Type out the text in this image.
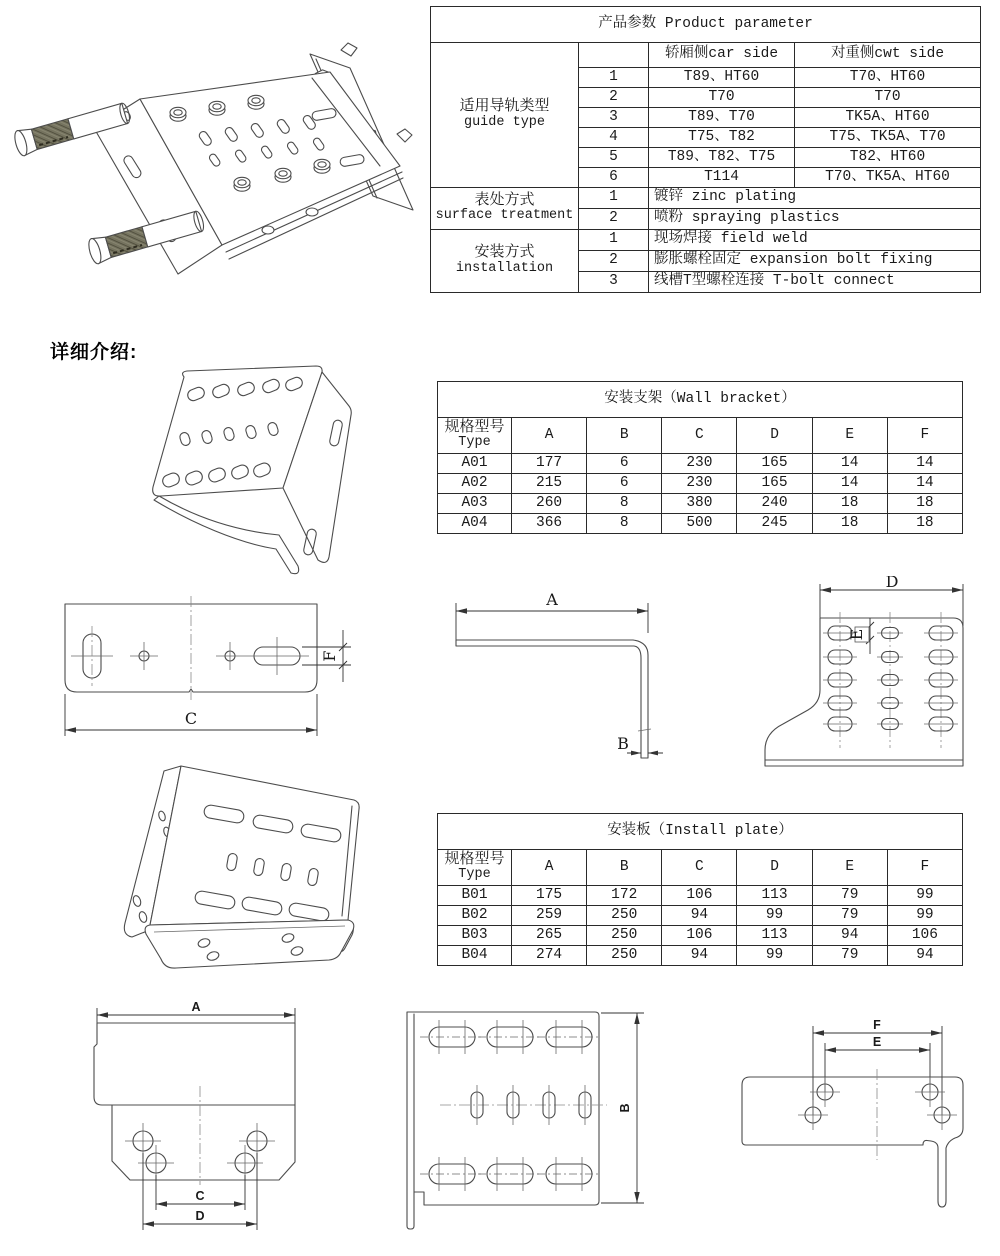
产品参数 Product parameter			

适用导轨类型
guide type		轿厢侧car side	对重侧cwt side
	1	T89、HT60	T70、HT60
	2	T70	T70
	3	T89、T70	TK5A、HT60
	4	T75、T82	T75、TK5A、T70
	5	T89、T82、T75	T82、HT60
	6	T114	T70、TK5A、HT60

表处方式
surface treatment	1	镀锌 zinc plating	
	2	喷粉 spraying plastics	

安装方式
installation	1	现场焊接 field weld	
	2	膨胀螺栓固定 expansion bolt fixing	
	3	线槽T型螺栓连接 T-bolt connect	
详细介绍:
安装支架（Wall bracket）						

规格型号
Type	A	B	C	D	E	F
A01	177	6	230	165	14	14
A02	215	6	230	165	14	14
A03	260	8	380	240	18	18
A04	366	8	500	245	18	18
F
C
A
B
D
E
安装板（Install plate）						

规格型号
Type	A	B	C	D	E	F
B01	175	172	106	113	79	99
B02	259	250	94	99	79	99
B03	265	250	106	113	94	106
B04	274	250	94	99	79	94
A
C
D
B
F
E
